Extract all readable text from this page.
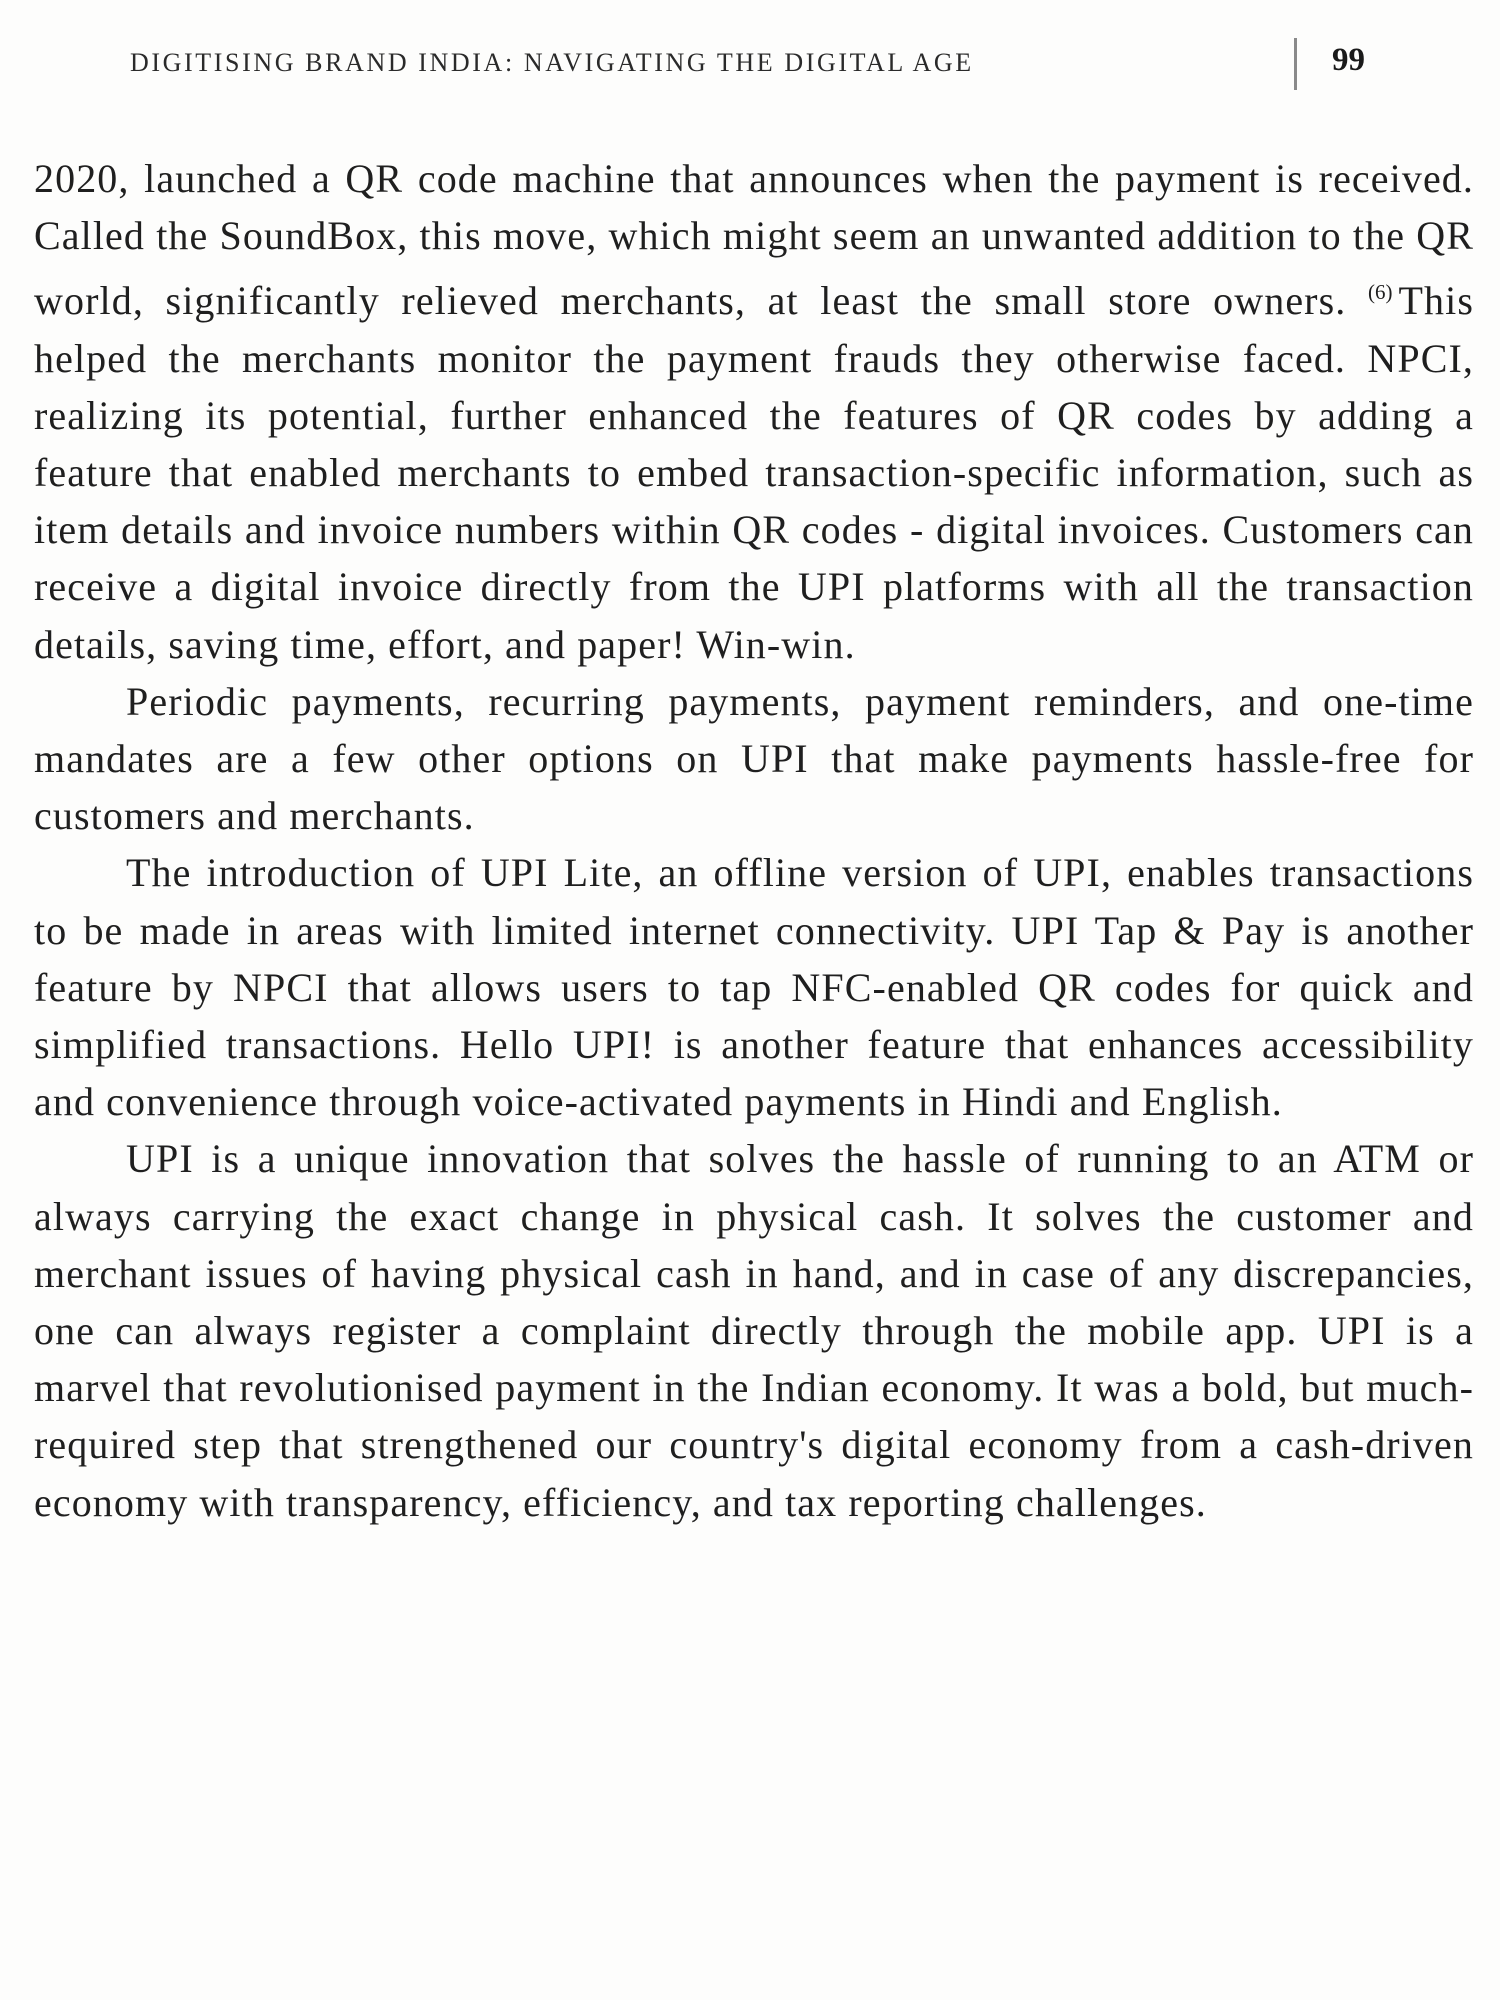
DIGITISING BRAND INDIA: NAVIGATING THE DIGITAL AGE	99

2020, launched a QR code machine that announces when the payment is received. Called the SoundBox, this move, which might seem an unwanted addition to the QR world, significantly relieved merchants, at least the small store owners. $^{(6)}$ This helped the merchants monitor the payment frauds they otherwise faced. NPCI, realizing its potential, further enhanced the features of QR codes by adding a feature that enabled merchants to embed transaction-specific information, such as item details and invoice numbers within QR codes - digital invoices. Customers can receive a digital invoice directly from the UPI platforms with all the transaction details, saving time, effort, and paper! Win-win.

Periodic payments, recurring payments, payment reminders, and one-time mandates are a few other options on UPI that make payments hassle-free for customers and merchants.

The introduction of UPI Lite, an offline version of UPI, enables transactions to be made in areas with limited internet connectivity. UPI Tap & Pay is another feature by NPCI that allows users to tap NFC-enabled QR codes for quick and simplified transactions. Hello UPI! is another feature that enhances accessibility and convenience through voice-activated payments in Hindi and English.

UPI is a unique innovation that solves the hassle of running to an ATM or always carrying the exact change in physical cash. It solves the customer and merchant issues of having physical cash in hand, and in case of any discrepancies, one can always register a complaint directly through the mobile app. UPI is a marvel that revolutionised payment in the Indian economy. It was a bold, but much-required step that strengthened our country's digital economy from a cash-driven economy with transparency, efficiency, and tax reporting challenges.
